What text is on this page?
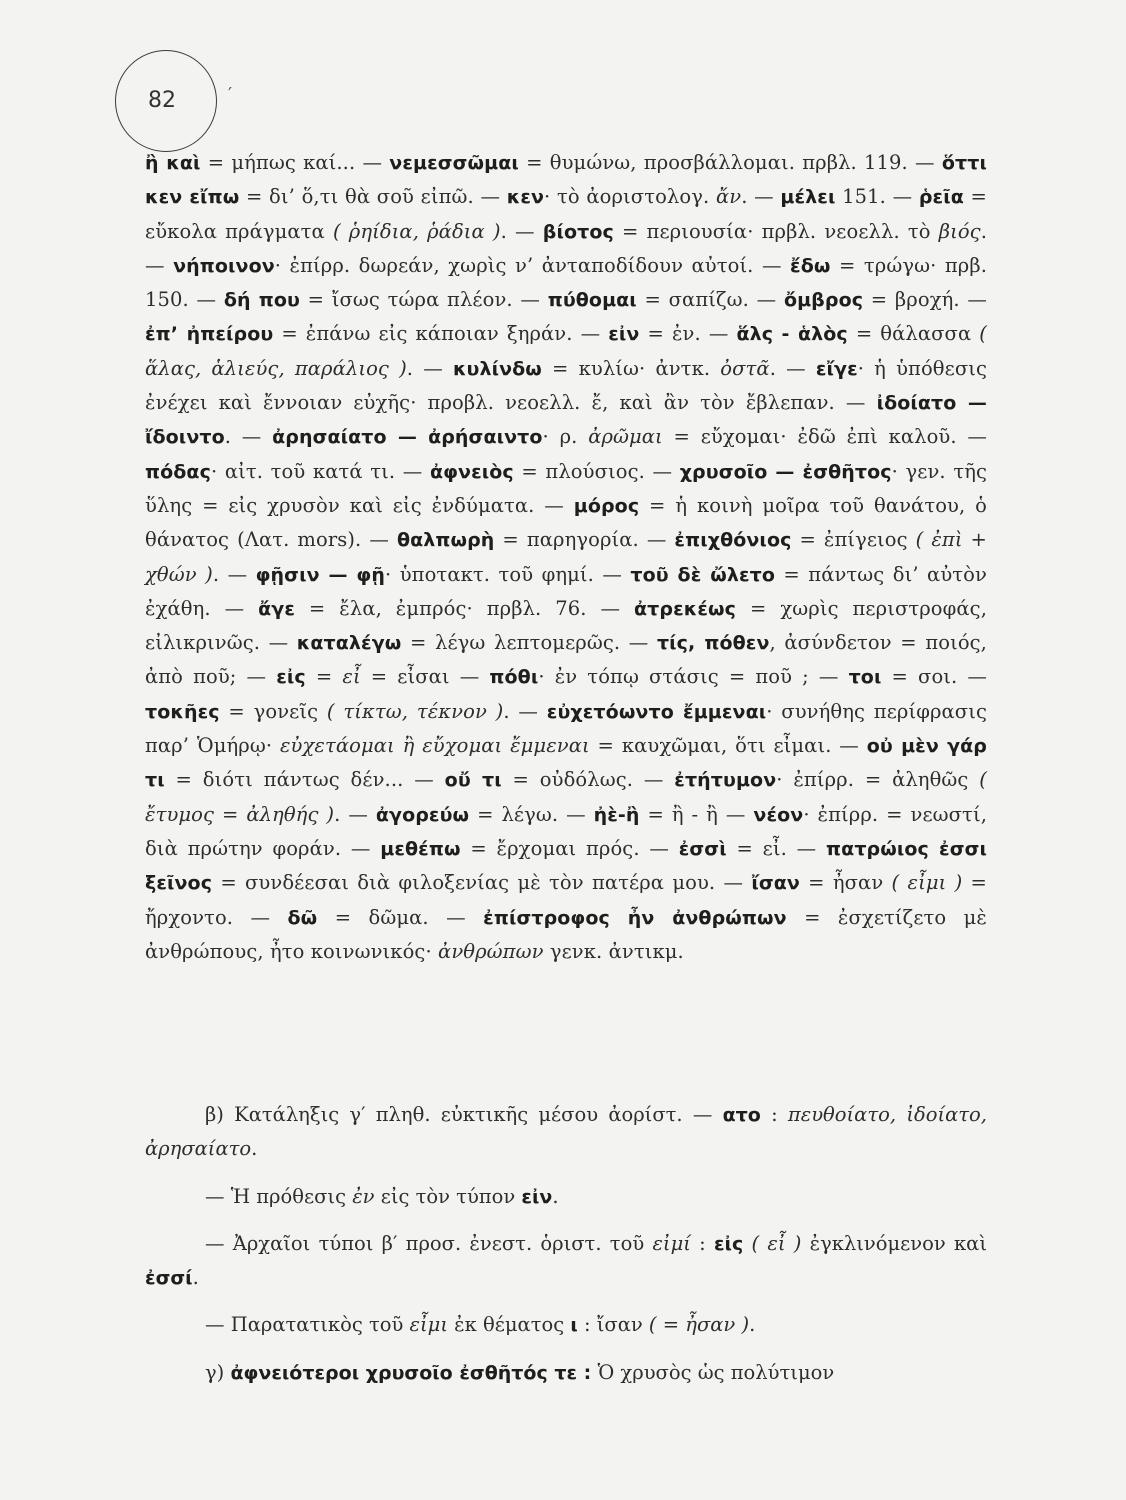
82	′

ἢ καὶ = μήπως καί... — νεμεσσῶμαι = θυμώνω, προσβάλλομαι. πρβλ. 119. — ὅττι κεν εἴπω = δι’ ὅ,τι θὰ σοῦ εἰπῶ. — κεν· τὸ ἀοριστολογ. ἄν. — μέλει 151. — ῥεῖα = εὔκολα πράγματα ( ῥηίδια, ῥάδια ). — βίοτος = περιουσία· πρβλ. νεοελλ. τὸ βιός. — νήποινον· ἐπίρρ. δωρεάν, χωρὶς ν’ ἀνταποδίδουν αὐτοί. — ἔδω = τρώγω· πρβ. 150. — δή που = ἴσως τώρα πλέον. — πύθομαι = σαπίζω. — ὄμβρος = βροχή. — ἐπ’ ἠπείρου = ἐπάνω εἰς κάποιαν ξηράν. — εἰν = ἐν. — ἅλς - ἁλὸς = θάλασσα ( ἅλας, ἁλιεύς, παράλιος ). — κυλίνδω = κυλίω· ἀντκ. ὀστᾶ. — εἴγε· ἡ ὑπόθεσις ἐνέχει καὶ ἔννοιαν εὐχῆς· προβλ. νεοελλ. ἔ, καὶ ἂν τὸν ἔβλεπαν. — ἰδοίατο — ἴδοιντο. — ἀρησαίατο — ἀρήσαιντο· ρ. ἀρῶμαι = εὔχομαι· ἐδῶ ἐπὶ καλοῦ. — πόδας· αἰτ. τοῦ κατά τι. — ἀφνειὸς = πλούσιος. — χρυσοῖο — ἐσθῆτος· γεν. τῆς ὕλης = εἰς χρυσὸν καὶ εἰς ἐνδύματα. — μόρος = ἡ κοινὴ μοῖρα τοῦ θανάτου, ὁ θάνατος (Λατ. mors). — θαλπωρὴ = παρηγορία. — ἐπιχθόνιος = ἐπίγειος ( ἐπὶ + χθών ). — φῇσιν — φῇ· ὑποτακτ. τοῦ φημί. — τοῦ δὲ ὤλετο = πάντως δι’ αὐτὸν ἐχάθη. — ἄγε = ἔλα, ἐμπρός· πρβλ. 76. — ἀτρεκέως = χωρὶς περιστροφάς, εἰλικρινῶς. — καταλέγω = λέγω λεπτομερῶς. — τίς, πόθεν, ἀσύνδετον = ποιός, ἀπὸ ποῦ; — εἰς = εἶ = εἶσαι — πόθι· ἐν τόπῳ στάσις = ποῦ ; — τοι = σοι. — τοκῆες = γονεῖς ( τίκτω, τέκνον ). — εὐχετόωντο ἔμμεναι· συνήθης περίφρασις παρ’ Ὁμήρῳ· εὐχετάομαι ἢ εὔχομαι ἔμμεναι = καυχῶμαι, ὅτι εἶμαι. — οὐ μὲν γάρ τι = διότι πάντως δέν... — οὔ τι = οὐδόλως. — ἐτήτυμον· ἐπίρρ. = ἀληθῶς ( ἔτυμος = ἀληθής ). — ἀγορεύω = λέγω. — ἠὲ-ἢ = ἢ - ἢ — νέον· ἐπίρρ. = νεωστί, διὰ πρώτην φοράν. — μεθέπω = ἔρχομαι πρός. — ἐσσὶ = εἶ. — πατρώιος ἐσσι ξεῖνος = συνδέεσαι διὰ φιλοξενίας μὲ τὸν πατέρα μου. — ἴσαν = ἦσαν ( εἶμι ) = ἤρχοντο. — δῶ = δῶμα. — ἐπίστροφος ἦν ἀνθρώπων = ἐσχετίζετο μὲ ἀνθρώπους, ἦτο κοινωνικός· ἀνθρώπων γενκ. ἀντικμ.

β) Κατάληξις γ′ πληθ. εὐκτικῆς μέσου ἀορίστ. — ατο : πευθοίατο, ἰδοίατο, ἀρησαίατο.

— Ἡ πρόθεσις ἐν εἰς τὸν τύπον εἰν.

— Ἀρχαῖοι τύποι β′ προσ. ἐνεστ. ὁριστ. τοῦ εἰμί : εἰς ( εἶ ) ἐγκλινόμενον καὶ ἐσσί.

— Παρατατικὸς τοῦ εἶμι ἐκ θέματος ι : ἴσαν ( = ἦσαν ).

γ) ἀφνειότεροι χρυσοῖο ἐσθῆτός τε : Ὁ χρυσὸς ὡς πολύτιμον
